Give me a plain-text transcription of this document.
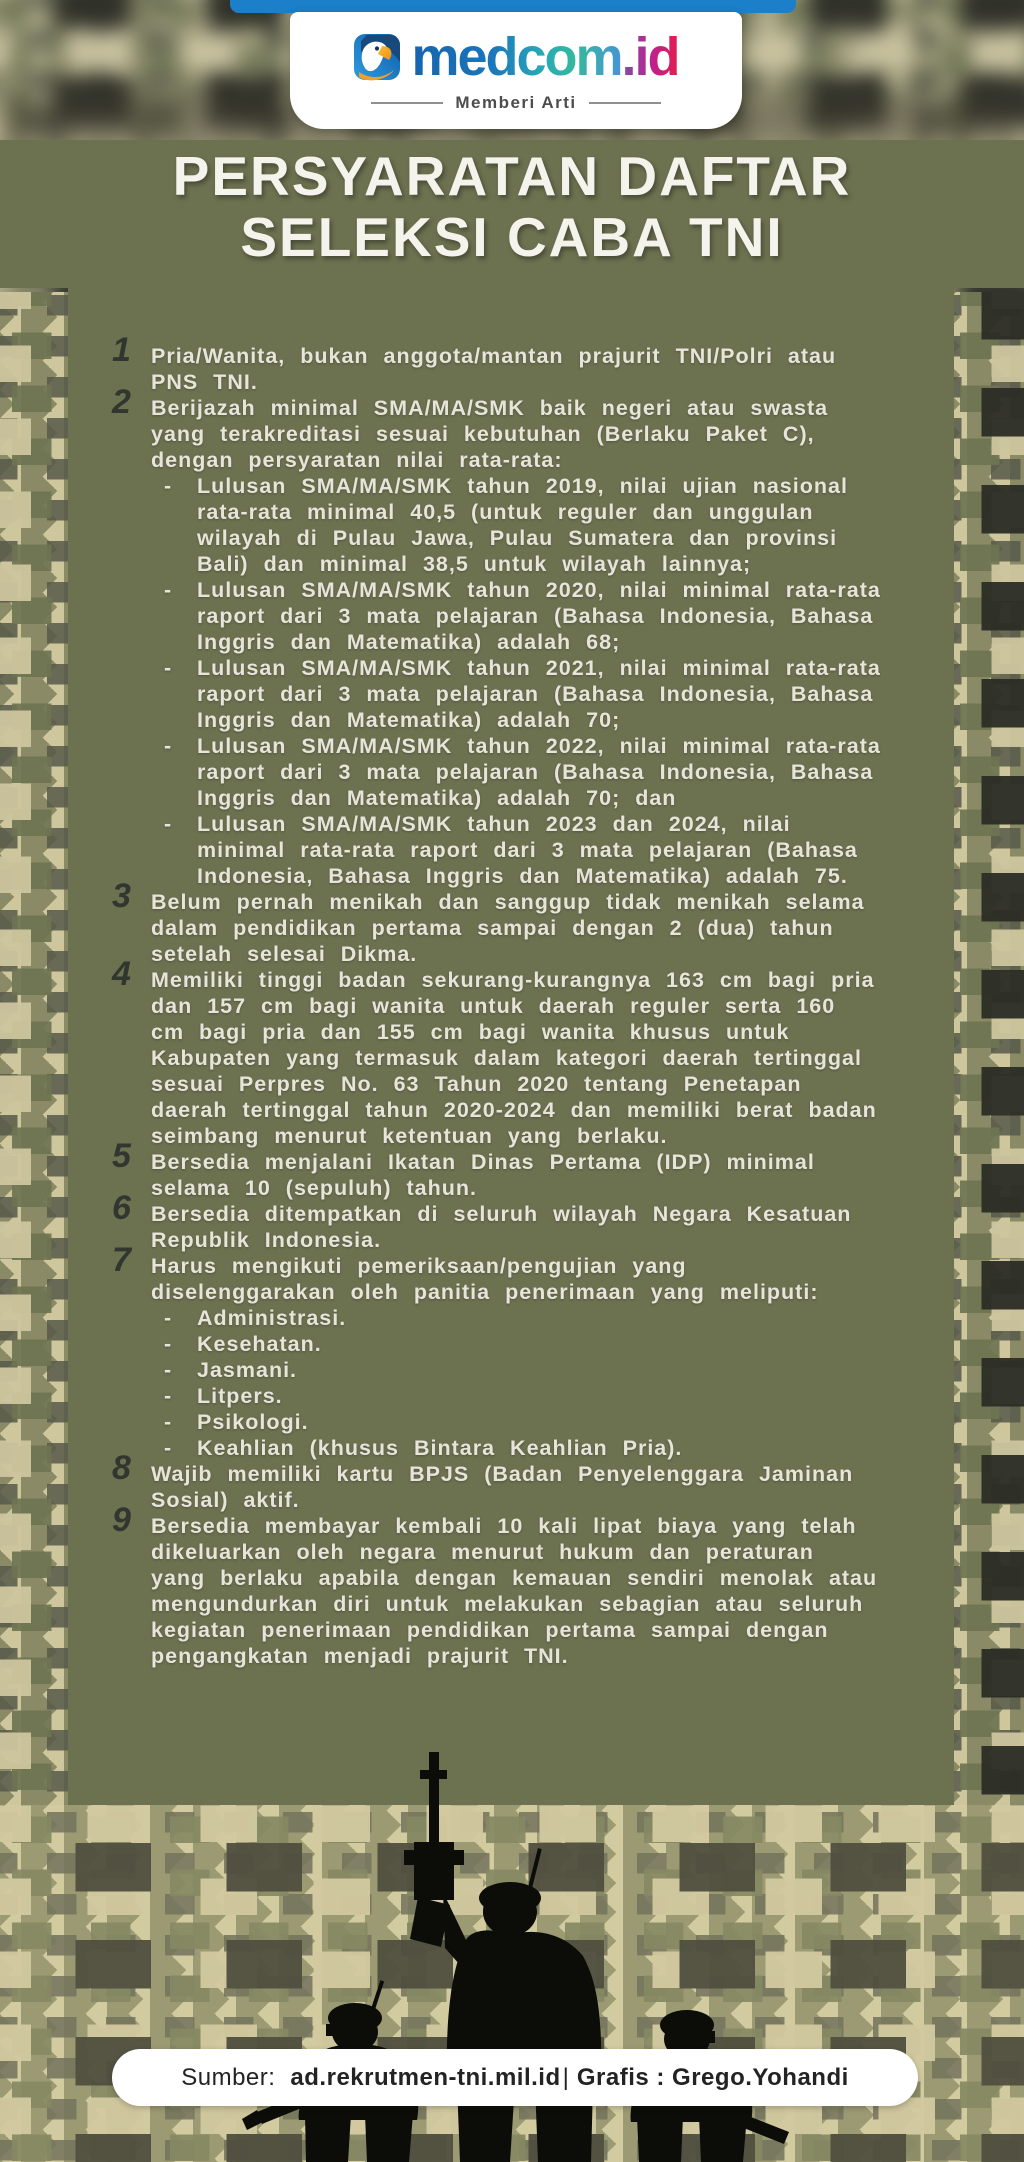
medcom.id
Memberi Arti
PERSYARATAN DAFTAR
SELEKSI CABA TNI
1 Pria/Wanita, bukan anggota/mantan prajurit TNI/Polri atau PNS TNI.
2 Berijazah minimal SMA/MA/SMK baik negeri atau swasta yang terakreditasi sesuai kebutuhan (Berlaku Paket C), dengan persyaratan nilai rata-rata:
-	Lulusan SMA/MA/SMK tahun 2019, nilai ujian nasional rata-rata minimal 40,5 (untuk reguler dan unggulan wilayah di Pulau Jawa, Pulau Sumatera dan provinsi Bali) dan minimal 38,5 untuk wilayah lainnya;
-	Lulusan SMA/MA/SMK tahun 2020, nilai minimal rata-rata raport dari 3 mata pelajaran (Bahasa Indonesia, Bahasa Inggris dan Matematika) adalah 68;
-	Lulusan SMA/MA/SMK tahun 2021, nilai minimal rata-rata raport dari 3 mata pelajaran (Bahasa Indonesia, Bahasa Inggris dan Matematika) adalah 70;
-	Lulusan SMA/MA/SMK tahun 2022, nilai minimal rata-rata raport dari 3 mata pelajaran (Bahasa Indonesia, Bahasa Inggris dan Matematika) adalah 70; dan
-	Lulusan SMA/MA/SMK tahun 2023 dan 2024, nilai minimal rata-rata raport dari 3 mata pelajaran (Bahasa Indonesia, Bahasa Inggris dan Matematika) adalah 75.
3 Belum pernah menikah dan sanggup tidak menikah selama dalam pendidikan pertama sampai dengan 2 (dua) tahun setelah selesai Dikma.
4 Memiliki tinggi badan sekurang-kurangnya 163 cm bagi pria dan 157 cm bagi wanita untuk daerah reguler serta 160 cm bagi pria dan 155 cm bagi wanita khusus untuk Kabupaten yang termasuk dalam kategori daerah tertinggal sesuai Perpres No. 63 Tahun 2020 tentang Penetapan daerah tertinggal tahun 2020-2024 dan memiliki berat badan seimbang menurut ketentuan yang berlaku.
5 Bersedia menjalani Ikatan Dinas Pertama (IDP) minimal selama 10 (sepuluh) tahun.
6 Bersedia ditempatkan di seluruh wilayah Negara Kesatuan Republik Indonesia.
7 Harus mengikuti pemeriksaan/pengujian yang diselenggarakan oleh panitia penerimaan yang meliputi:
-	Administrasi.
-	Kesehatan.
-	Jasmani.
-	Litpers.
-	Psikologi.
-	Keahlian (khusus Bintara Keahlian Pria).
8 Wajib memiliki kartu BPJS (Badan Penyelenggara Jaminan Sosial) aktif.
9 Bersedia membayar kembali 10 kali lipat biaya yang telah dikeluarkan oleh negara menurut hukum dan peraturan yang berlaku apabila dengan kemauan sendiri menolak atau mengundurkan diri untuk melakukan sebagian atau seluruh kegiatan penerimaan pendidikan pertama sampai dengan pengangkatan menjadi prajurit TNI.
Sumber: ad.rekrutmen-tni.mil.id | Grafis : Grego.Yohandi
